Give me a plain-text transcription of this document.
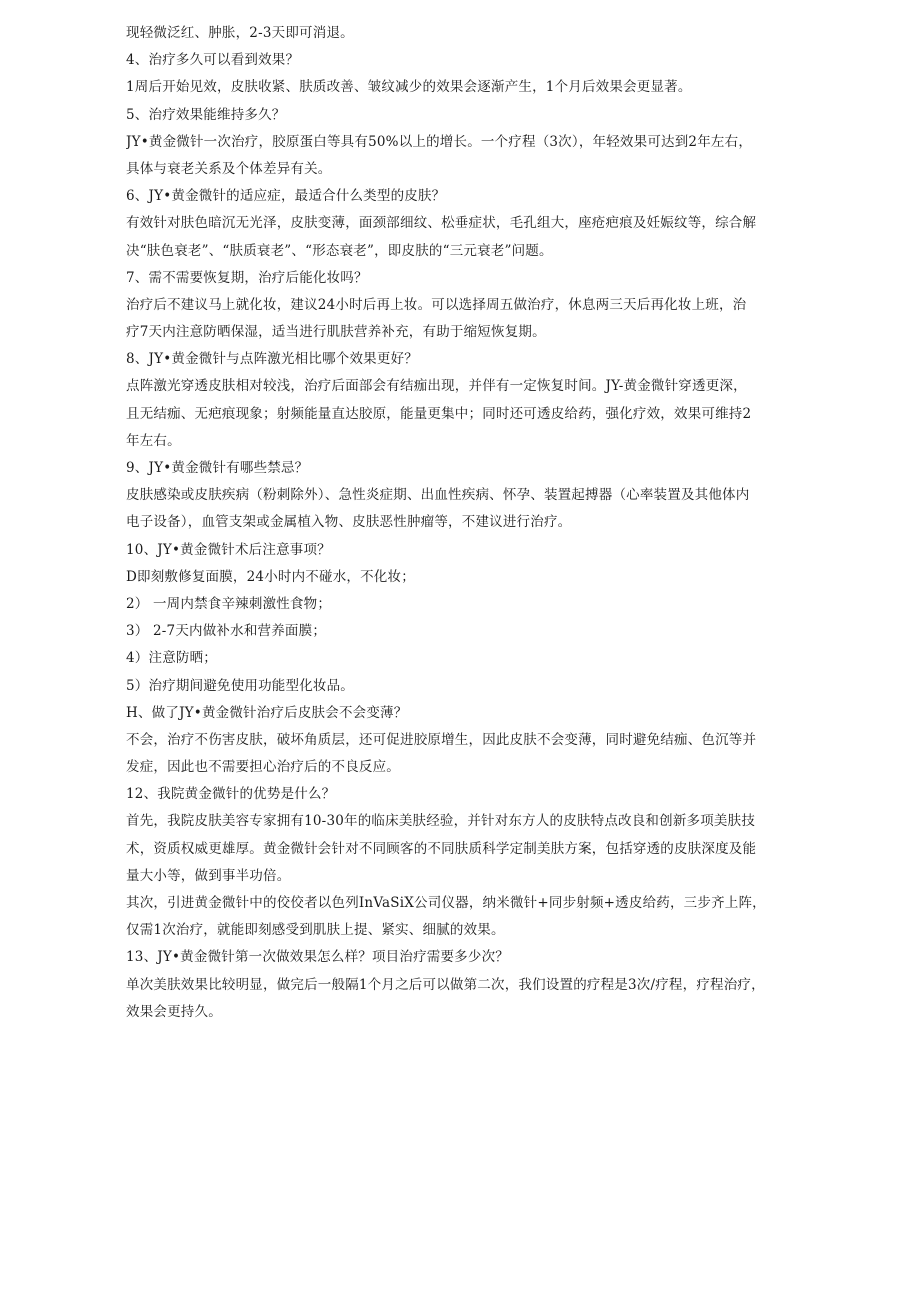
现轻微泛红、肿胀，2-3天即可消退。
4、治疗多久可以看到效果？
1周后开始见效，皮肤收紧、肤质改善、皱纹减少的效果会逐渐产生，1个月后效果会更显著。
5、治疗效果能维持多久？
JY•黄金微针一次治疗，胶原蛋白等具有50%以上的增长。一个疗程（3次），年轻效果可达到2年左右，
具体与衰老关系及个体差异有关。
6、JY•黄金微针的适应症，最适合什么类型的皮肤？
有效针对肤色暗沉无光泽，皮肤变薄，面颈部细纹、松垂症状，毛孔组大，座疮疤痕及妊娠纹等，综合解
决“肤色衰老”、“肤质衰老”、“形态衰老”，即皮肤的“三元衰老”问题。
7、需不需要恢复期，治疗后能化妆吗？
治疗后不建议马上就化妆，建议24小时后再上妆。可以选择周五做治疗，休息两三天后再化妆上班，治
疗7天内注意防晒保湿，适当进行肌肤营养补充，有助于缩短恢复期。
8、JY•黄金微针与点阵激光相比哪个效果更好？
点阵激光穿透皮肤相对较浅，治疗后面部会有结痂出现，并伴有一定恢复时间。JY-黄金微针穿透更深，
且无结痂、无疤痕现象；射频能量直达胶原，能量更集中；同时还可透皮给药，强化疗效，效果可维持2
年左右。
9、JY•黄金微针有哪些禁忌？
皮肤感染或皮肤疾病（粉刺除外）、急性炎症期、出血性疾病、怀孕、装置起搏器（心率装置及其他体内
电子设备），血管支架或金属植入物、皮肤恶性肿瘤等，不建议进行治疗。
10、JY•黄金微针术后注意事项？
D即刻敷修复面膜，24小时内不碰水，不化妆；
2） 一周内禁食辛辣刺激性食物；
3） 2-7天内做补水和营养面膜；
4）注意防晒；
5）治疗期间避免使用功能型化妆品。
H、做了JY•黄金微针治疗后皮肤会不会变薄？
不会，治疗不伤害皮肤，破坏角质层，还可促进胶原增生，因此皮肤不会变薄，同时避免结痂、色沉等并
发症，因此也不需要担心治疗后的不良反应。
12、我院黄金微针的优势是什么？
首先，我院皮肤美容专家拥有10-30年的临床美肤经验，并针对东方人的皮肤特点改良和创新多项美肤技
术，资质权威更雄厚。黄金微针会针对不同顾客的不同肤质科学定制美肤方案，包括穿透的皮肤深度及能
量大小等，做到事半功倍。
其次，引进黄金微针中的佼佼者以色列InVaSiX公司仪器，纳米微针+同步射频+透皮给药，三步齐上阵，
仅需1次治疗，就能即刻感受到肌肤上提、紧实、细腻的效果。
13、JY•黄金微针第一次做效果怎么样？项目治疗需要多少次？
单次美肤效果比较明显，做完后一般隔1个月之后可以做第二次，我们设置的疗程是3次/疗程，疗程治疗，
效果会更持久。
